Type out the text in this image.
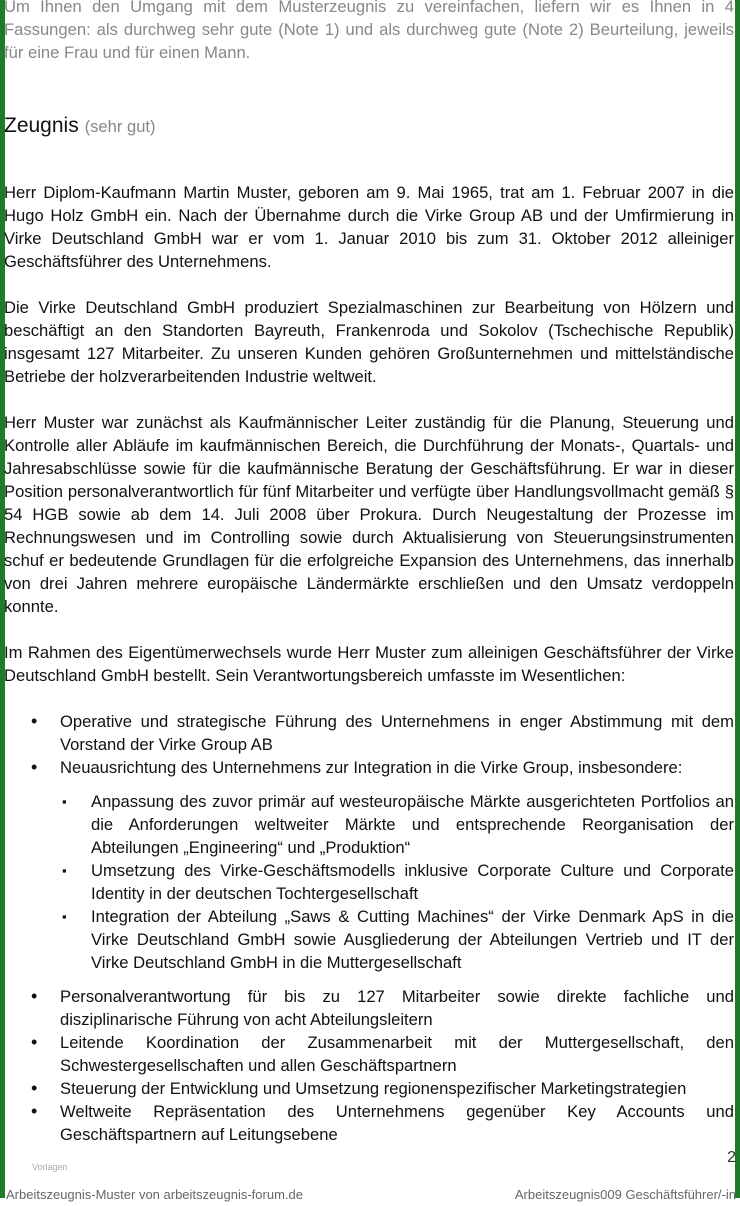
Um Ihnen den Umgang mit dem Musterzeugnis zu vereinfachen, liefern wir es Ihnen in 4 Fassungen: als durchweg sehr gute (Note 1) und als durchweg gute (Note 2) Beurteilung, jeweils für eine Frau und für einen Mann.

Zeugnis (sehr gut)

Herr Diplom-Kaufmann Martin Muster, geboren am 9. Mai 1965, trat am 1. Februar 2007 in die Hugo Holz GmbH ein. Nach der Übernahme durch die Virke Group AB und der Umfirmierung in Virke Deutschland GmbH war er vom 1. Januar 2010 bis zum 31. Oktober 2012 alleiniger Geschäftsführer des Unternehmens.

Die Virke Deutschland GmbH produziert Spezialmaschinen zur Bearbeitung von Hölzern und beschäftigt an den Standorten Bayreuth, Frankenroda und Sokolov (Tschechische Republik) insgesamt 127 Mitarbeiter. Zu unseren Kunden gehören Großunternehmen und mittelständische Betriebe der holzverarbeitenden Industrie weltweit.

Herr Muster war zunächst als Kaufmännischer Leiter zuständig für die Planung, Steuerung und Kontrolle aller Abläufe im kaufmännischen Bereich, die Durchführung der Monats-, Quartals- und Jahresabschlüsse sowie für die kaufmännische Beratung der Geschäftsführung. Er war in dieser Position personalverantwortlich für fünf Mitarbeiter und verfügte über Handlungsvollmacht gemäß § 54 HGB sowie ab dem 14. Juli 2008 über Prokura. Durch Neugestaltung der Prozesse im Rechnungswesen und im Controlling sowie durch Aktualisierung von Steuerungsinstrumenten schuf er bedeutende Grundlagen für die erfolgreiche Expansion des Unternehmens, das innerhalb von drei Jahren mehrere europäische Ländermärkte erschließen und den Umsatz verdoppeln konnte.

Im Rahmen des Eigentümerwechsels wurde Herr Muster zum alleinigen Geschäftsführer der Virke Deutschland GmbH bestellt. Sein Verantwortungsbereich umfasste im Wesentlichen:

• Operative und strategische Führung des Unternehmens in enger Abstimmung mit dem Vorstand der Virke Group AB
• Neuausrichtung des Unternehmens zur Integration in die Virke Group, insbesondere:
▪ Anpassung des zuvor primär auf westeuropäische Märkte ausgerichteten Portfolios an die Anforderungen weltweiter Märkte und entsprechende Reorganisation der Abteilungen „Engineering“ und „Produktion“
▪ Umsetzung des Virke-Geschäftsmodells inklusive Corporate Culture und Corporate Identity in der deutschen Tochtergesellschaft
▪ Integration der Abteilung „Saws & Cutting Machines“ der Virke Denmark ApS in die Virke Deutschland GmbH sowie Ausgliederung der Abteilungen Vertrieb und IT der Virke Deutschland GmbH in die Muttergesellschaft
• Personalverantwortung für bis zu 127 Mitarbeiter sowie direkte fachliche und disziplinarische Führung von acht Abteilungsleitern
• Leitende Koordination der Zusammenarbeit mit der Muttergesellschaft, den Schwestergesellschaften und allen Geschäftspartnern
• Steuerung der Entwicklung und Umsetzung regionenspezifischer Marketingstrategien
• Weltweite Repräsentation des Unternehmens gegenüber Key Accounts und Geschäftspartnern auf Leitungsebene
Vorlagen
2
Arbeitszeugnis-Muster von arbeitszeugnis-forum.de	Arbeitszeugnis009 Geschäftsführer/-in
